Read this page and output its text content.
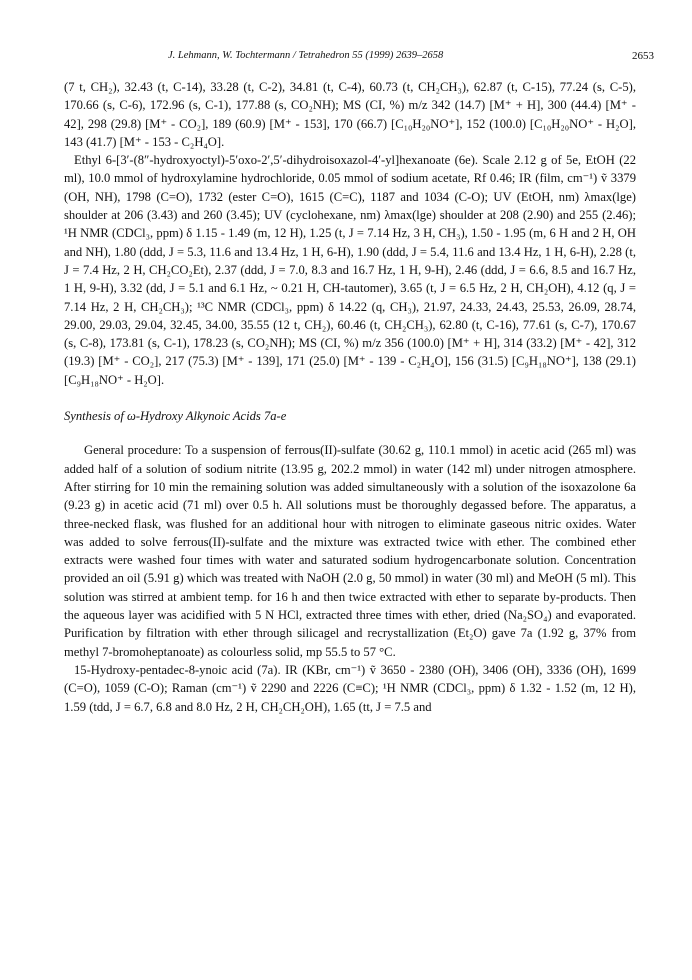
J. Lehmann, W. Tochtermann / Tetrahedron 55 (1999) 2639–2658	2653

(7 t, CH₂), 32.43 (t, C-14), 33.28 (t, C-2), 34.81 (t, C-4), 60.73 (t, CH₂CH₃), 62.87 (t, C-15), 77.24 (s, C-5), 170.66 (s, C-6), 172.96 (s, C-1), 177.88 (s, CO₂NH); MS (CI, %) m/z 342 (14.7) [M⁺ + H], 300 (44.4) [M⁺ - 42], 298 (29.8) [M⁺ - CO₂], 189 (60.9) [M⁺ - 153], 170 (66.7) [C₁₀H₂₀NO⁺], 152 (100.0) [C₁₀H₂₀NO⁺ - H₂O], 143 (41.7) [M⁺ - 153 - C₂H₄O].

Ethyl 6-[3′-(8″-hydroxyoctyl)-5′oxo-2′,5′-dihydroisoxazol-4′-yl]hexanoate (6e). Scale 2.12 g of 5e, EtOH (22 ml), 10.0 mmol of hydroxylamine hydrochloride, 0.05 mmol of sodium acetate, Rf 0.46; IR (film, cm⁻¹) ṽ 3379 (OH, NH), 1798 (C=O), 1732 (ester C=O), 1615 (C=C), 1187 and 1034 (C-O); UV (EtOH, nm) λmax(lge) shoulder at 206 (3.43) and 260 (3.45); UV (cyclohexane, nm) λmax(lge) shoulder at 208 (2.90) and 255 (2.46); ¹H NMR (CDCl₃, ppm) δ 1.15 - 1.49 (m, 12 H), 1.25 (t, J = 7.14 Hz, 3 H, CH₃), 1.50 - 1.95 (m, 6 H and 2 H, OH and NH), 1.80 (ddd, J = 5.3, 11.6 and 13.4 Hz, 1 H, 6-H), 1.90 (ddd, J = 5.4, 11.6 and 13.4 Hz, 1 H, 6-H), 2.28 (t, J = 7.4 Hz, 2 H, CH₂CO₂Et), 2.37 (ddd, J = 7.0, 8.3 and 16.7 Hz, 1 H, 9-H), 2.46 (ddd, J = 6.6, 8.5 and 16.7 Hz, 1 H, 9-H), 3.32 (dd, J = 5.1 and 6.1 Hz, ~ 0.21 H, CH-tautomer), 3.65 (t, J = 6.5 Hz, 2 H, CH₂OH), 4.12 (q, J = 7.14 Hz, 2 H, CH₂CH₃); ¹³C NMR (CDCl₃, ppm) δ 14.22 (q, CH₃), 21.97, 24.33, 24.43, 25.53, 26.09, 28.74, 29.00, 29.03, 29.04, 32.45, 34.00, 35.55 (12 t, CH₂), 60.46 (t, CH₂CH₃), 62.80 (t, C-16), 77.61 (s, C-7), 170.67 (s, C-8), 173.81 (s, C-1), 178.23 (s, CO₂NH); MS (CI, %) m/z 356 (100.0) [M⁺ + H], 314 (33.2) [M⁺ - 42], 312 (19.3) [M⁺ - CO₂], 217 (75.3) [M⁺ - 139], 171 (25.0) [M⁺ - 139 - C₂H₄O], 156 (31.5) [C₉H₁₈NO⁺], 138 (29.1) [C₉H₁₈NO⁺ - H₂O].

Synthesis of ω-Hydroxy Alkynoic Acids 7a-e

General procedure: To a suspension of ferrous(II)-sulfate (30.62 g, 110.1 mmol) in acetic acid (265 ml) was added half of a solution of sodium nitrite (13.95 g, 202.2 mmol) in water (142 ml) under nitrogen atmosphere. After stirring for 10 min the remaining solution was added simultaneously with a solution of the isoxazolone 6a (9.23 g) in acetic acid (71 ml) over 0.5 h. All solutions must be thoroughly degassed before. The apparatus, a three-necked flask, was flushed for an additional hour with nitrogen to eliminate gaseous nitric oxides. Water was added to solve ferrous(II)-sulfate and the mixture was extracted twice with ether. The combined ether extracts were washed four times with water and saturated sodium hydrogencarbonate solution. Concentration provided an oil (5.91 g) which was treated with NaOH (2.0 g, 50 mmol) in water (30 ml) and MeOH (5 ml). This solution was stirred at ambient temp. for 16 h and then twice extracted with ether to separate by-products. Then the aqueous layer was acidified with 5 N HCl, extracted three times with ether, dried (Na₂SO₄) and evaporated. Purification by filtration with ether through silicagel and recrystallization (Et₂O) gave 7a (1.92 g, 37% from methyl 7-bromoheptanoate) as colourless solid, mp 55.5 to 57 °C.

15-Hydroxy-pentadec-8-ynoic acid (7a). IR (KBr, cm⁻¹) ṽ 3650 - 2380 (OH), 3406 (OH), 3336 (OH), 1699 (C=O), 1059 (C-O); Raman (cm⁻¹) ṽ 2290 and 2226 (C≡C); ¹H NMR (CDCl₃, ppm) δ 1.32 - 1.52 (m, 12 H), 1.59 (tdd, J = 6.7, 6.8 and 8.0 Hz, 2 H, CH₂CH₂OH), 1.65 (tt, J = 7.5 and
